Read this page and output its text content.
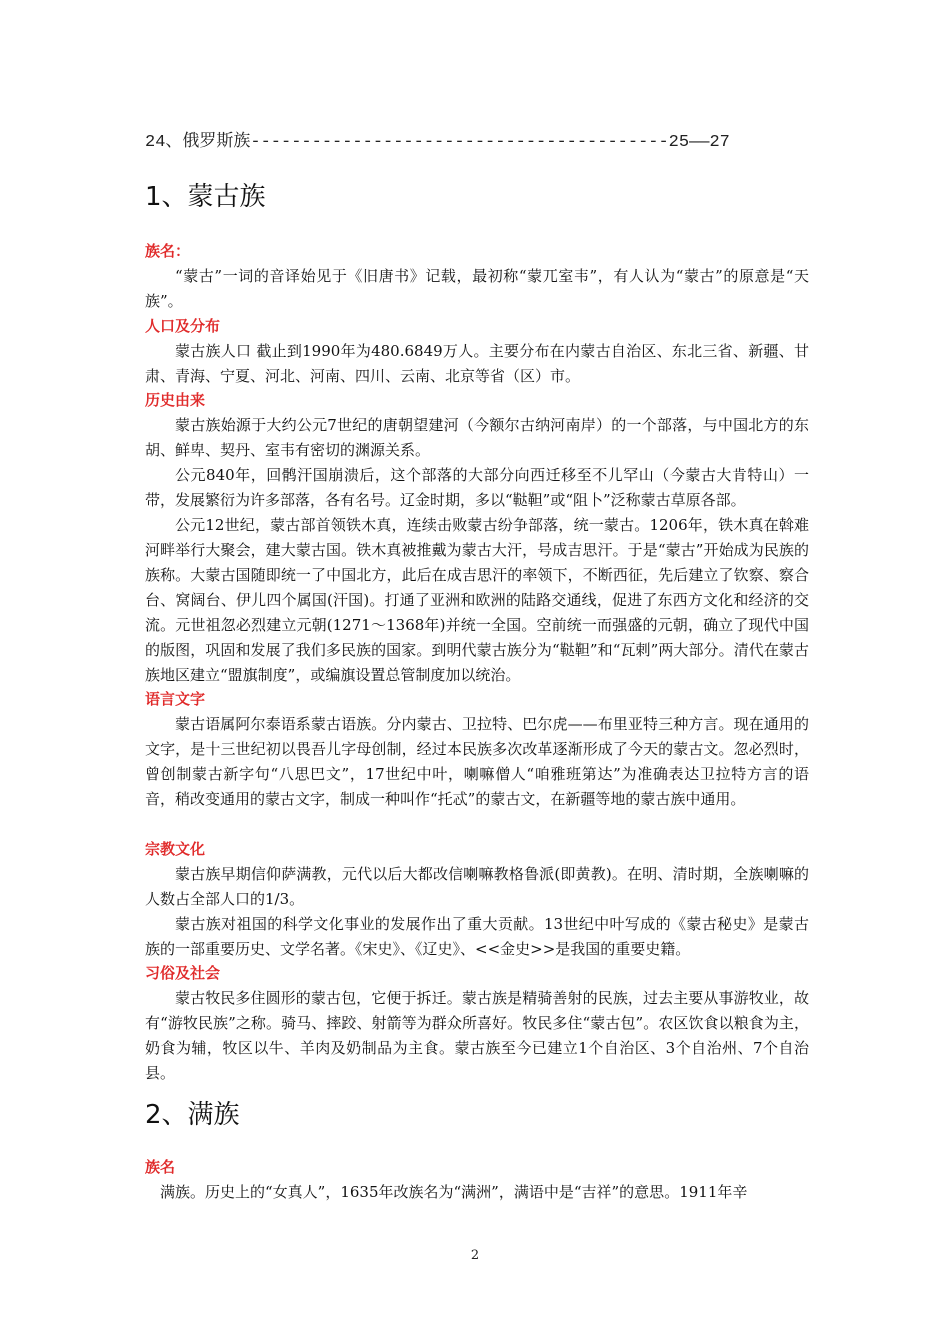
24、俄罗斯族-----------------------------------------25——27
1、蒙古族
族名：
“蒙古”一词的音译始见于《旧唐书》记载，最初称“蒙兀室韦”，有人认为“蒙古”的原意是“天族”。
人口及分布
蒙古族人口 截止到1990年为480.6849万人。主要分布在内蒙古自治区、东北三省、新疆、甘肃、青海、宁夏、河北、河南、四川、云南、北京等省（区）市。
历史由来
蒙古族始源于大约公元7世纪的唐朝望建河（今额尔古纳河南岸）的一个部落，与中国北方的东胡、鲜卑、契丹、室韦有密切的渊源关系。
公元840年，回鹘汗国崩溃后，这个部落的大部分向西迁移至不儿罕山（今蒙古大肯特山）一带，发展繁衍为许多部落，各有名号。辽金时期，多以“鞑靼”或“阻卜”泛称蒙古草原各部。
公元12世纪，蒙古部首领铁木真，连续击败蒙古纷争部落，统一蒙古。1206年，铁木真在斡难河畔举行大聚会，建大蒙古国。铁木真被推戴为蒙古大汗，号成吉思汗。于是“蒙古”开始成为民族的族称。大蒙古国随即统一了中国北方，此后在成吉思汗的率领下，不断西征，先后建立了钦察、察合台、窝阔台、伊儿四个属国(汗国)。打通了亚洲和欧洲的陆路交通线，促进了东西方文化和经济的交流。元世祖忽必烈建立元朝(1271～1368年)并统一全国。空前统一而强盛的元朝，确立了现代中国的版图，巩固和发展了我们多民族的国家。到明代蒙古族分为“鞑靼”和“瓦剌”两大部分。清代在蒙古族地区建立“盟旗制度”，或编旗设置总管制度加以统治。
语言文字
蒙古语属阿尔泰语系蒙古语族。分内蒙古、卫拉特、巴尔虎——布里亚特三种方言。现在通用的文字，是十三世纪初以畏吾儿字母创制，经过本民族多次改革逐渐形成了今天的蒙古文。忽必烈时，曾创制蒙古新字句“八思巴文”，17世纪中叶，喇嘛僧人“咱雅班第达”为准确表达卫拉特方言的语音，稍改变通用的蒙古文字，制成一种叫作“托忒”的蒙古文，在新疆等地的蒙古族中通用。
宗教文化
蒙古族早期信仰萨满教，元代以后大都改信喇嘛教格鲁派(即黄教)。在明、清时期，全族喇嘛的人数占全部人口的1/3。
蒙古族对祖国的科学文化事业的发展作出了重大贡献。13世纪中叶写成的《蒙古秘史》是蒙古族的一部重要历史、文学名著。《宋史》、《辽史》、<<金史>>是我国的重要史籍。
习俗及社会
蒙古牧民多住圆形的蒙古包，它便于拆迁。蒙古族是精骑善射的民族，过去主要从事游牧业，故有“游牧民族”之称。骑马、摔跤、射箭等为群众所喜好。牧民多住“蒙古包”。农区饮食以粮食为主，奶食为辅，牧区以牛、羊肉及奶制品为主食。蒙古族至今已建立1个自治区、3个自治州、7个自治县。
2、满族
族名
满族。历史上的“女真人”，1635年改族名为“满洲”，满语中是“吉祥”的意思。1911年辛
2
